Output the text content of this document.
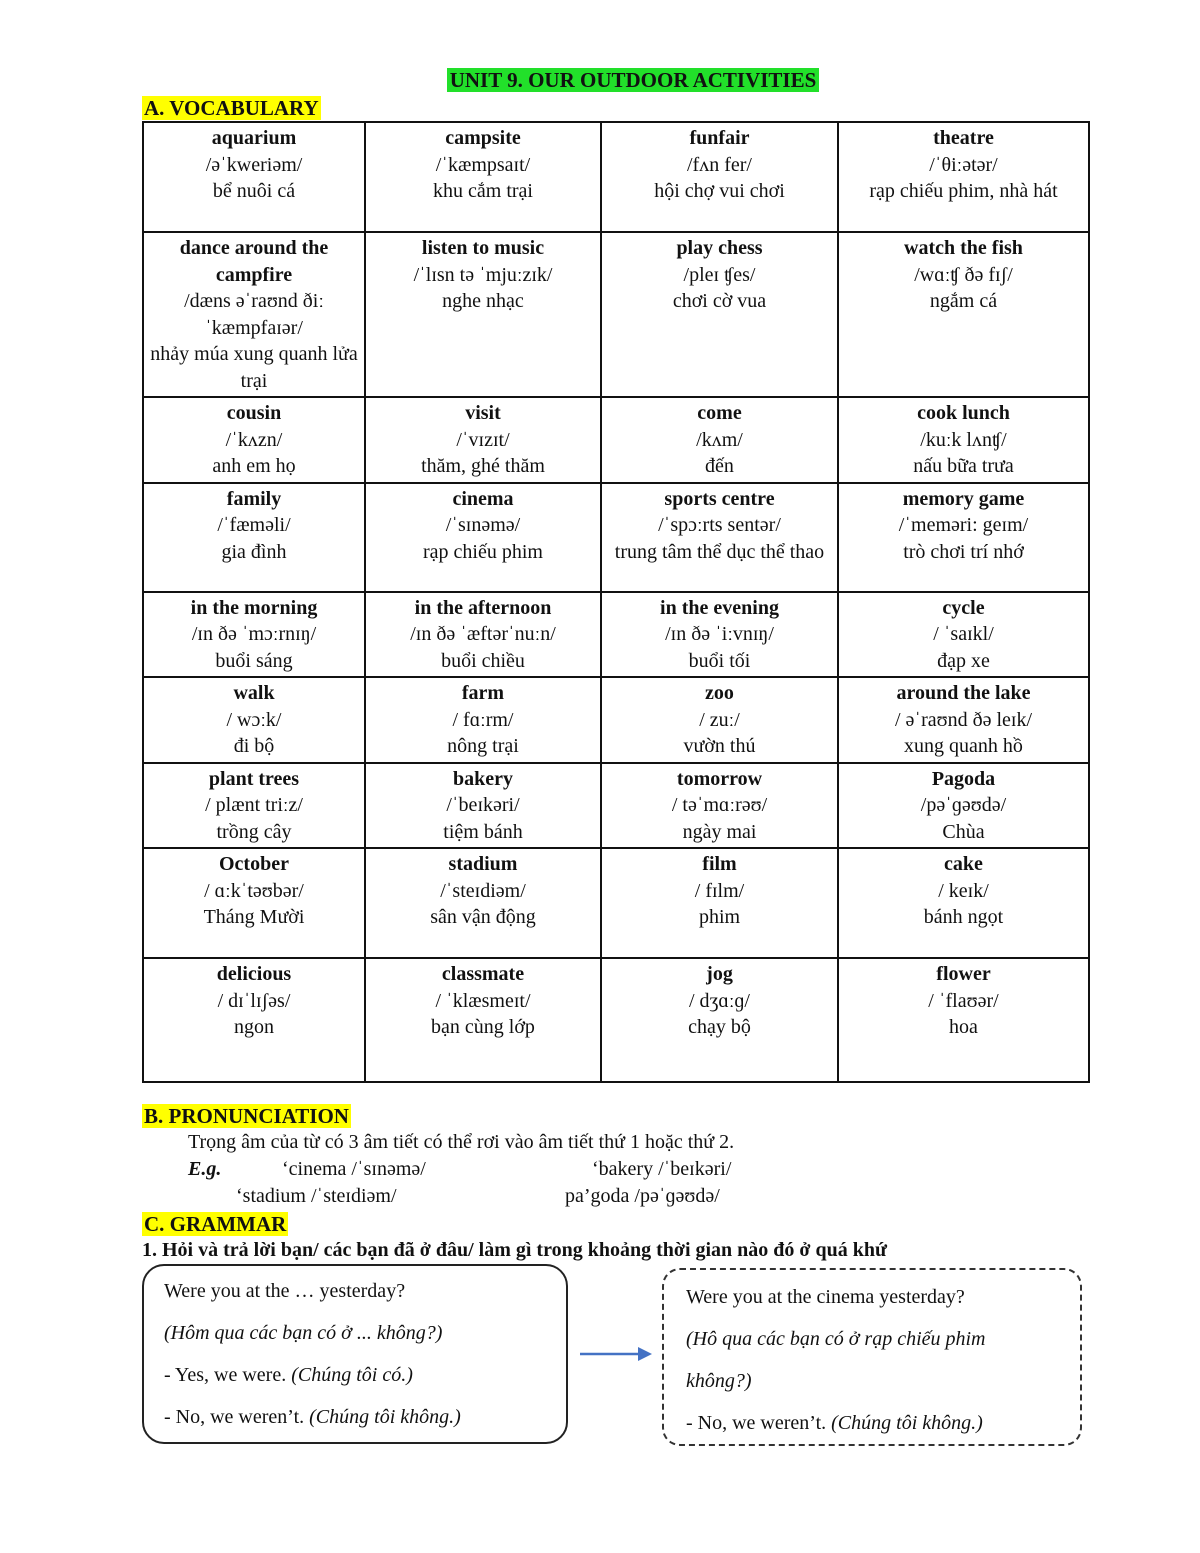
UNIT 9. OUR OUTDOOR ACTIVITIES
A. VOCABULARY
aquarium
/əˈkweriəm/
bể nuôi cá	campsite
/ˈkæmpsaɪt/
khu cắm trại	funfair
/fʌn fer/
hội chợ vui chơi	theatre
/ˈθiːətər/
rạp chiếu phim, nhà hát

dance around the campfire
/dæns əˈraʊnd ðiː ˈkæmpfaɪər/
nhảy múa xung quanh lửa trại	listen to music
/ˈlɪsn tə ˈmjuːzɪk/
nghe nhạc	play chess
/pleɪ ʧes/
chơi cờ vua	watch the fish
/wɑːʧ ðə fɪʃ/
ngắm cá

cousin
/ˈkʌzn/
anh em họ	visit
/ˈvɪzɪt/
thăm, ghé thăm	come
/kʌm/
đến	cook lunch
/kuːk lʌnʧ/
nấu bữa trưa

family
/ˈfæməli/
gia đình	cinema
/ˈsɪnəmə/
rạp chiếu phim	sports centre
/ˈspɔːrts sentər/
trung tâm thể dục thể thao	memory game
/ˈmeməri: geɪm/
trò chơi trí nhớ

in the morning
/ɪn ðə ˈmɔːrnɪŋ/
buổi sáng	in the afternoon
/ɪn ðə ˈæftərˈnuːn/
buổi chiều	in the evening
/ɪn ðə ˈiːvnɪŋ/
buổi tối	cycle
/ ˈsaɪkl/
đạp xe

walk
/ wɔːk/
đi bộ	farm
/ fɑːrm/
nông trại	zoo
/ zuː/
vườn thú	around the lake
/ əˈraʊnd ðə leɪk/
xung quanh hồ

plant trees
/ plænt triːz/
trồng cây	bakery
/ˈbeɪkəri/
tiệm bánh	tomorrow
/ təˈmɑːrəʊ/
ngày mai	Pagoda
/pəˈɡəʊdə/
Chùa

October
/ ɑːkˈtəʊbər/
Tháng Mười	stadium
/ˈsteɪdiəm/
sân vận động	film
/ fɪlm/
phim	cake
/ keɪk/
bánh ngọt

delicious
/ dɪˈlɪʃəs/
ngon	classmate
/ ˈklæsmeɪt/
bạn cùng lớp	jog
/ dʒɑːɡ/
chạy bộ	flower
/ ˈflaʊər/
hoa
B. PRONUNCIATION
Trọng âm của từ có 3 âm tiết có thể rơi vào âm tiết thứ 1 hoặc thứ 2.
E.g.	‘cinema /ˈsɪnəmə/	‘bakery /ˈbeɪkəri/
‘stadium /ˈsteɪdiəm/	pa’goda /pəˈɡəʊdə/
C. GRAMMAR
1. Hỏi và trả lời bạn/ các bạn đã ở đâu/ làm gì trong khoảng thời gian nào đó ở quá khứ
Were you at the … yesterday?
(Hôm qua các bạn có ở ... không?)
- Yes, we were. (Chúng tôi có.)
- No, we weren’t. (Chúng tôi không.)
Were you at the cinema yesterday?
(Hô qua các bạn có ở rạp chiếu phim
không?)
- No, we weren’t. (Chúng tôi không.)
